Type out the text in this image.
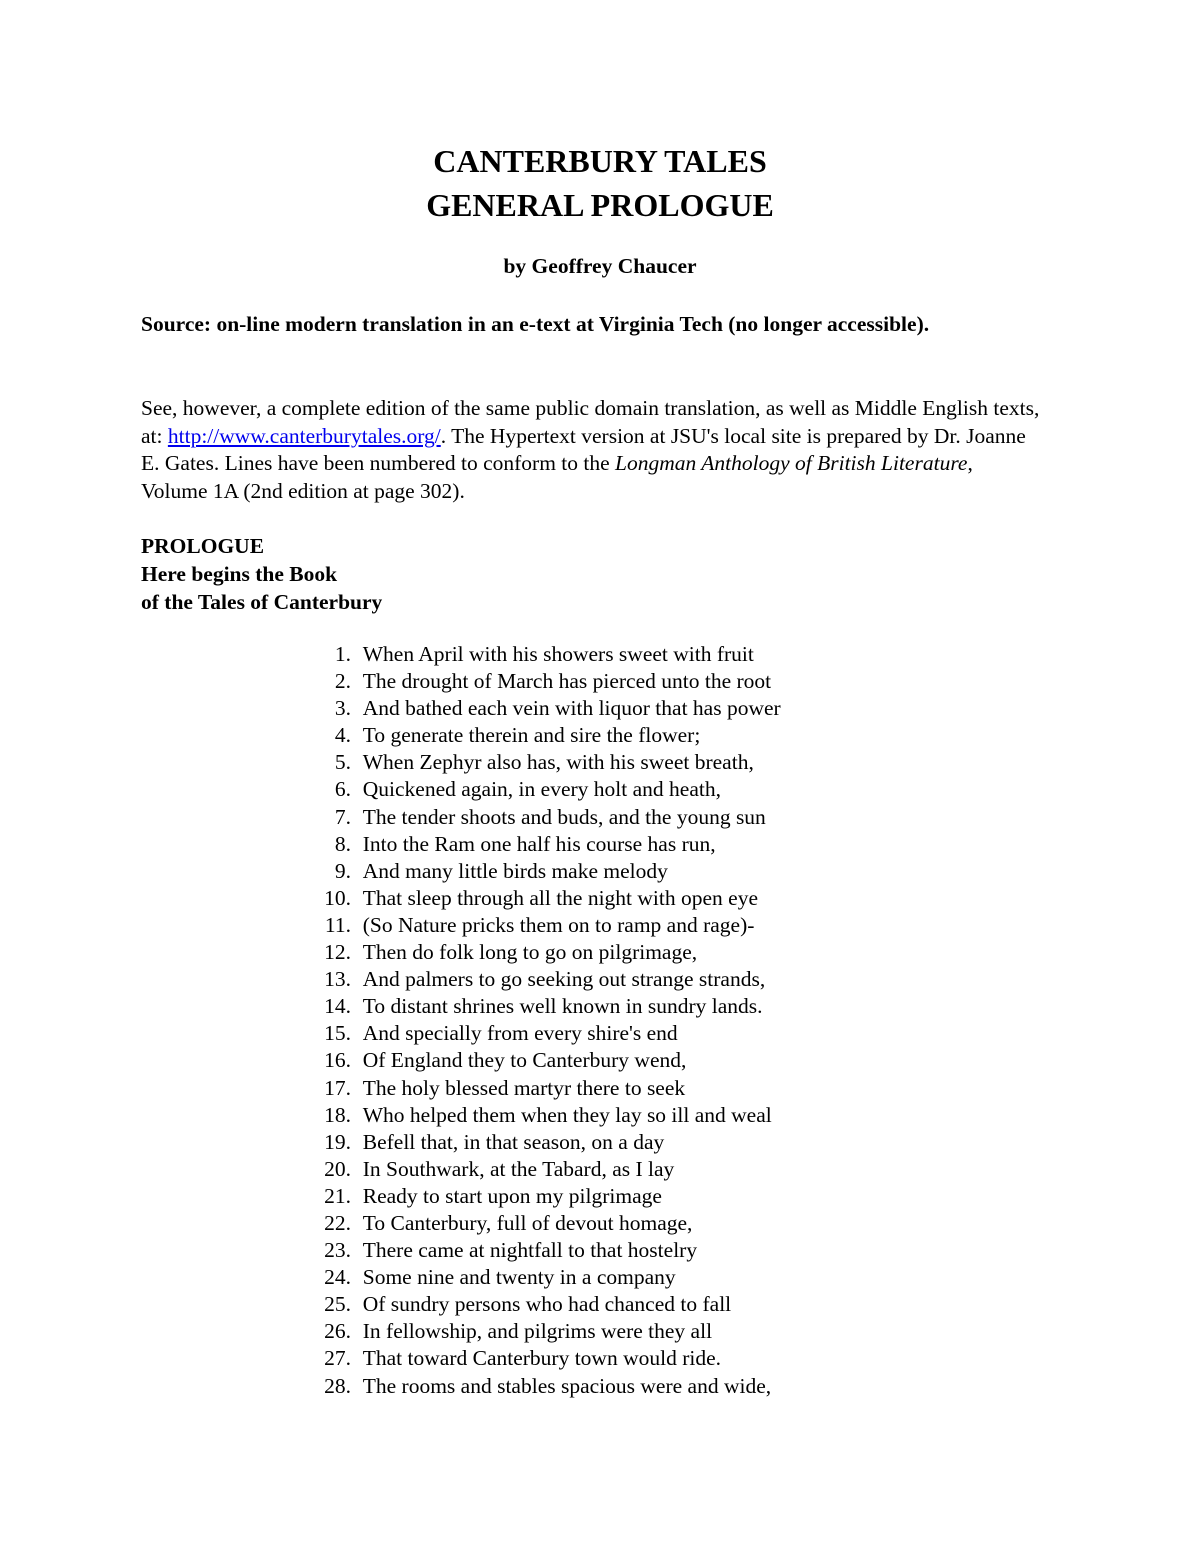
CANTERBURY TALES
GENERAL PROLOGUE

by Geoffrey Chaucer

Source: on-line modern translation in an e-text at Virginia Tech (no longer accessible).

See, however, a complete edition of the same public domain translation, as well as Middle English texts, at: http://www.canterburytales.org/. The Hypertext version at JSU's local site is prepared by Dr. Joanne E. Gates. Lines have been numbered to conform to the Longman Anthology of British Literature, Volume 1A (2nd edition at page 302).

PROLOGUE

Here begins the Book

of the Tales of Canterbury

1.
When April with his showers sweet with fruit
2.
The drought of March has pierced unto the root
3.
And bathed each vein with liquor that has power
4.
To generate therein and sire the flower;
5.
When Zephyr also has, with his sweet breath,
6.
Quickened again, in every holt and heath,
7.
The tender shoots and buds, and the young sun
8.
Into the Ram one half his course has run,
9.
And many little birds make melody
10.
That sleep through all the night with open eye
11.
(So Nature pricks them on to ramp and rage)-
12.
Then do folk long to go on pilgrimage,
13.
And palmers to go seeking out strange strands,
14.
To distant shrines well known in sundry lands.
15.
And specially from every shire's end
16.
Of England they to Canterbury wend,
17.
The holy blessed martyr there to seek
18.
Who helped them when they lay so ill and weal
19.
Befell that, in that season, on a day
20.
In Southwark, at the Tabard, as I lay
21.
Ready to start upon my pilgrimage
22.
To Canterbury, full of devout homage,
23.
There came at nightfall to that hostelry
24.
Some nine and twenty in a company
25.
Of sundry persons who had chanced to fall
26.
In fellowship, and pilgrims were they all
27.
That toward Canterbury town would ride.
28.
The rooms and stables spacious were and wide,
